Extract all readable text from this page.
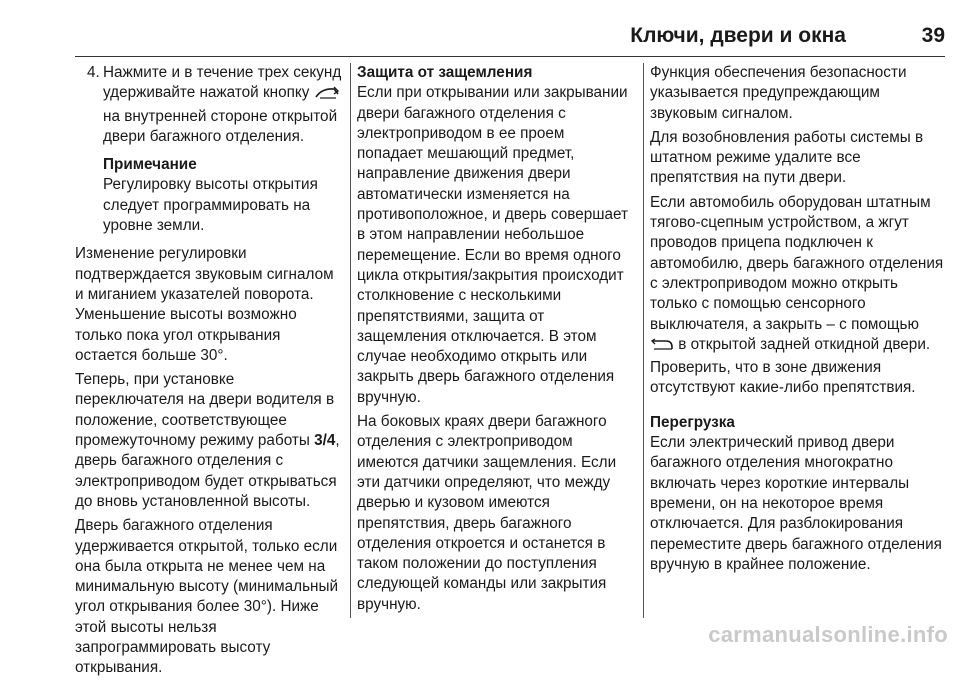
Ключи, двери и окна	39
4. Нажмите и в течение трех секунд удерживайте нажатой кнопку  на внутренней стороне открытой двери багажного отделения.
Примечание
Регулировку высоты открытия следует программировать на уровне земли.

Изменение регулировки подтверждается звуковым сигналом и миганием указателей поворота. Уменьшение высоты возможно только пока угол открывания остается больше 30°.

Теперь, при установке переключателя на двери водителя в положение, соответствующее промежуточному режиму работы 3/4, дверь багажного отделения с электроприводом будет открываться до вновь установленной высоты.

Дверь багажного отделения удерживается открытой, только если она была открыта не менее чем на минимальную высоту (минимальный угол открывания более 30°). Ниже этой высоты нельзя запрограммировать высоту открывания.

Защита от защемления

Если при открывании или закрывании двери багажного отделения с электроприводом в ее проем попадает мешающий предмет, направление движения двери автоматически изменяется на противоположное, и дверь совершает в этом направлении небольшое перемещение. Если во время одного цикла открытия/закрытия происходит столкновение с несколькими препятствиями, защита от защемления отключается. В этом случае необходимо открыть или закрыть дверь багажного отделения вручную.

На боковых краях двери багажного отделения с электроприводом имеются датчики защемления. Если эти датчики определяют, что между дверью и кузовом имеются препятствия, дверь багажного отделения откроется и останется в таком положении до поступления следующей команды или закрытия вручную.

Функция обеспечения безопасности указывается предупреждающим звуковым сигналом.

Для возобновления работы системы в штатном режиме удалите все препятствия на пути двери.

Если автомобиль оборудован штатным тягово-сцепным устройством, а жгут проводов прицепа подключен к автомобилю, дверь багажного отделения с электроприводом можно открыть только с помощью сенсорного выключателя, а закрыть – с помощью  в открытой задней откидной двери. Проверить, что в зоне движения отсутствуют какие-либо препятствия.

Перегрузка
Если электрический привод двери багажного отделения многократно включать через короткие интервалы времени, он на некоторое время отключается. Для разблокирования переместите дверь багажного отделения вручную в крайнее положение.

carmanualsonline.info
